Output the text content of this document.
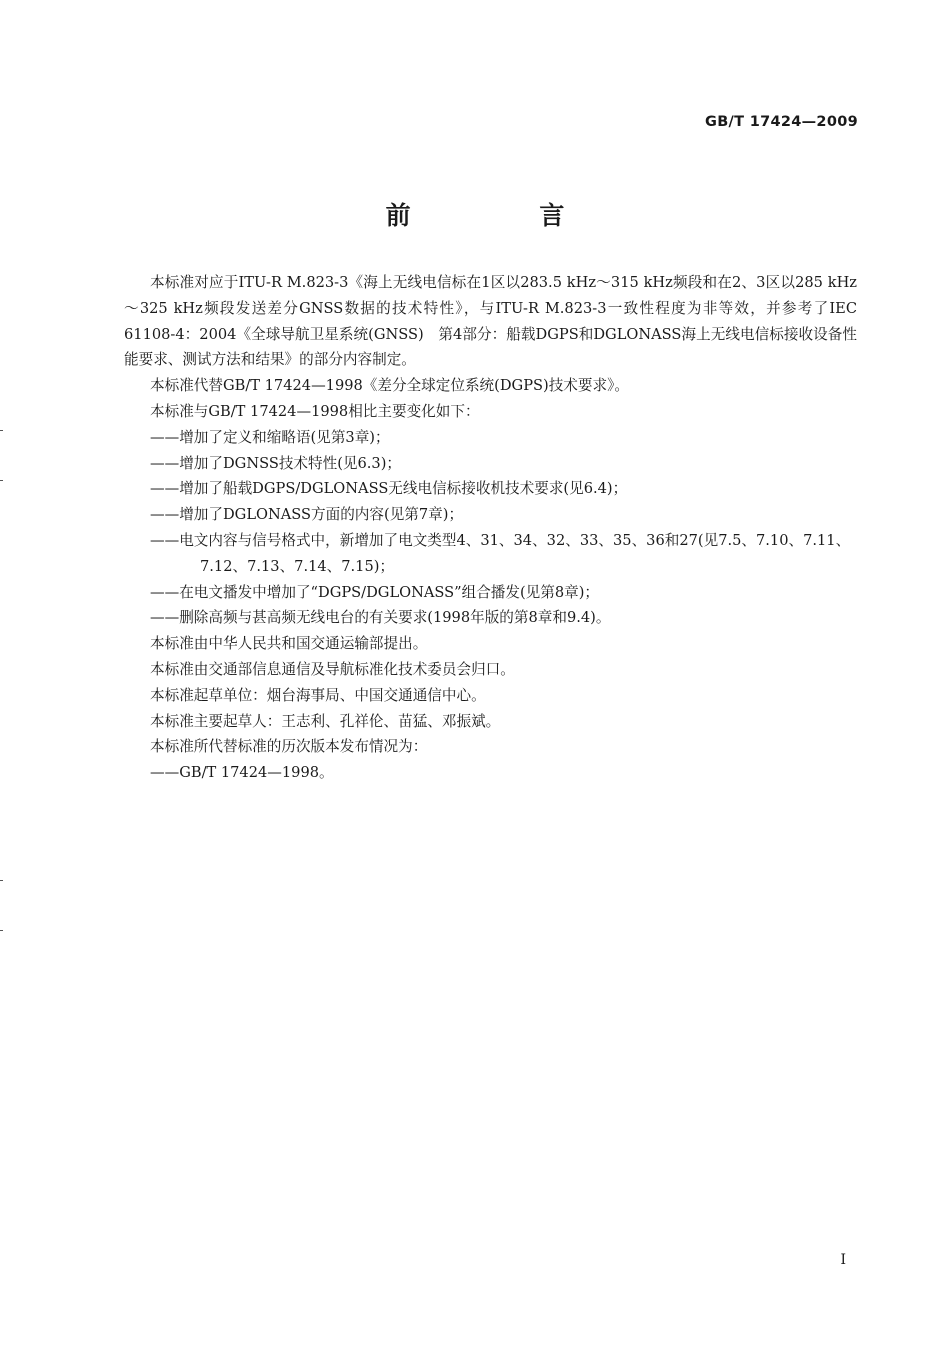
GB/T 17424—2009
前 言

本标准对应于ITU-R M.823-3《海上无线电信标在1区以283.5 kHz～315 kHz频段和在2、3区以285 kHz～325 kHz频段发送差分GNSS数据的技术特性》，与ITU-R M.823-3一致性程度为非等效，并参考了IEC 61108-4：2004《全球导航卫星系统(GNSS)　第4部分：船载DGPS和DGLONASS海上无线电信标接收设备性能要求、测试方法和结果》的部分内容制定。

本标准代替GB/T 17424—1998《差分全球定位系统(DGPS)技术要求》。

本标准与GB/T 17424—1998相比主要变化如下：

——增加了定义和缩略语(见第3章)；

——增加了DGNSS技术特性(见6.3)；

——增加了船载DGPS/DGLONASS无线电信标接收机技术要求(见6.4)；

——增加了DGLONASS方面的内容(见第7章)；

——电文内容与信号格式中，新增加了电文类型4、31、34、32、33、35、36和27(见7.5、7.10、7.11、
7.12、7.13、7.14、7.15)；

——在电文播发中增加了“DGPS/DGLONASS”组合播发(见第8章)；

——删除高频与甚高频无线电台的有关要求(1998年版的第8章和9.4)。

本标准由中华人民共和国交通运输部提出。

本标准由交通部信息通信及导航标准化技术委员会归口。

本标准起草单位：烟台海事局、中国交通通信中心。

本标准主要起草人：王志利、孔祥伦、苗猛、邓振斌。

本标准所代替标准的历次版本发布情况为：

——GB/T 17424—1998。

I
